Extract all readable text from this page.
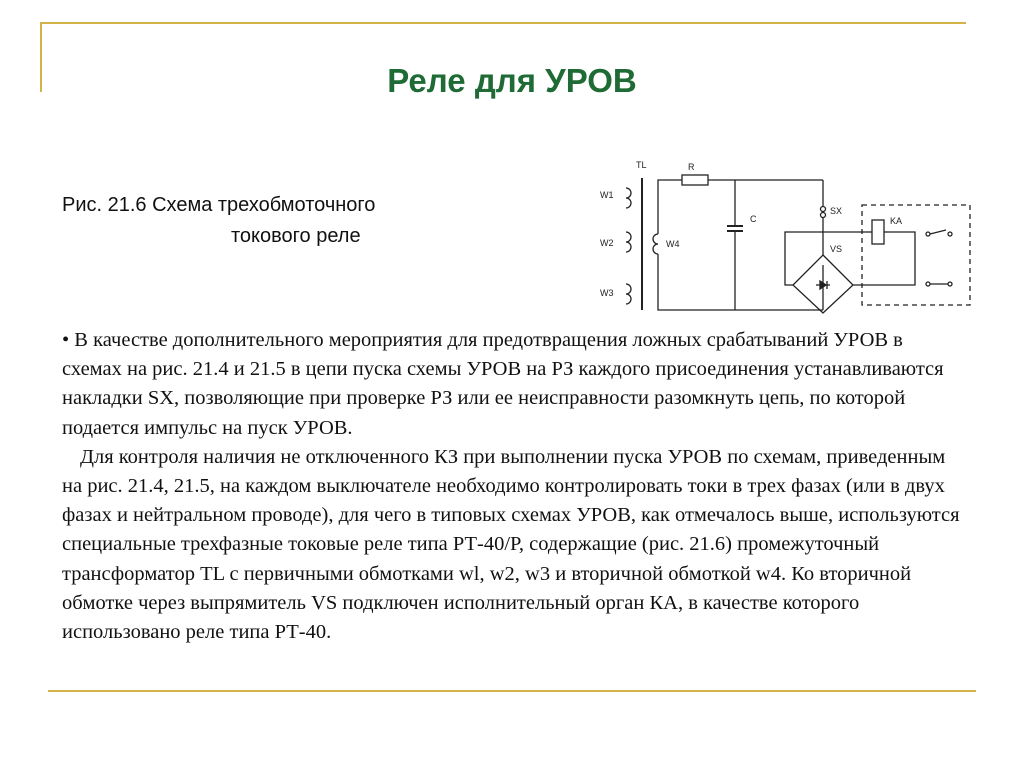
Реле для УРОВ
Рис. 21.6 Схема трехобмоточного
токового реле
TL	R
W1
W2
W3
W4
C
SX
VS
KA

• В качестве дополнительного мероприятия для предотвращения ложных срабатываний УРОВ в схемах на рис. 21.4 и 21.5 в цепи пуска схемы УРОВ на РЗ каждого присоединения устанавливаются накладки SX, позволяющие при проверке РЗ или ее неисправности разомкнуть цепь, по которой подается импульс на пуск УРОВ.

Для контроля наличия не отключенного КЗ при выполнении пуска УРОВ по схемам, приведенным на рис. 21.4, 21.5, на каждом выключателе необходимо контролировать токи в трех фазах (или в двух фазах и нейтральном проводе), для чего в типовых схемах УРОВ, как отмечалось выше, используются специальные трехфазные токовые реле типа РТ-40/Р, содержащие (рис. 21.6) промежуточный трансформатор TL с первичными обмотками wl, w2, w3 и вторичной обмоткой w4. Ко вторичной обмотке через выпрямитель VS подключен исполнительный орган КА, в качестве которого использовано реле типа РТ-40.
